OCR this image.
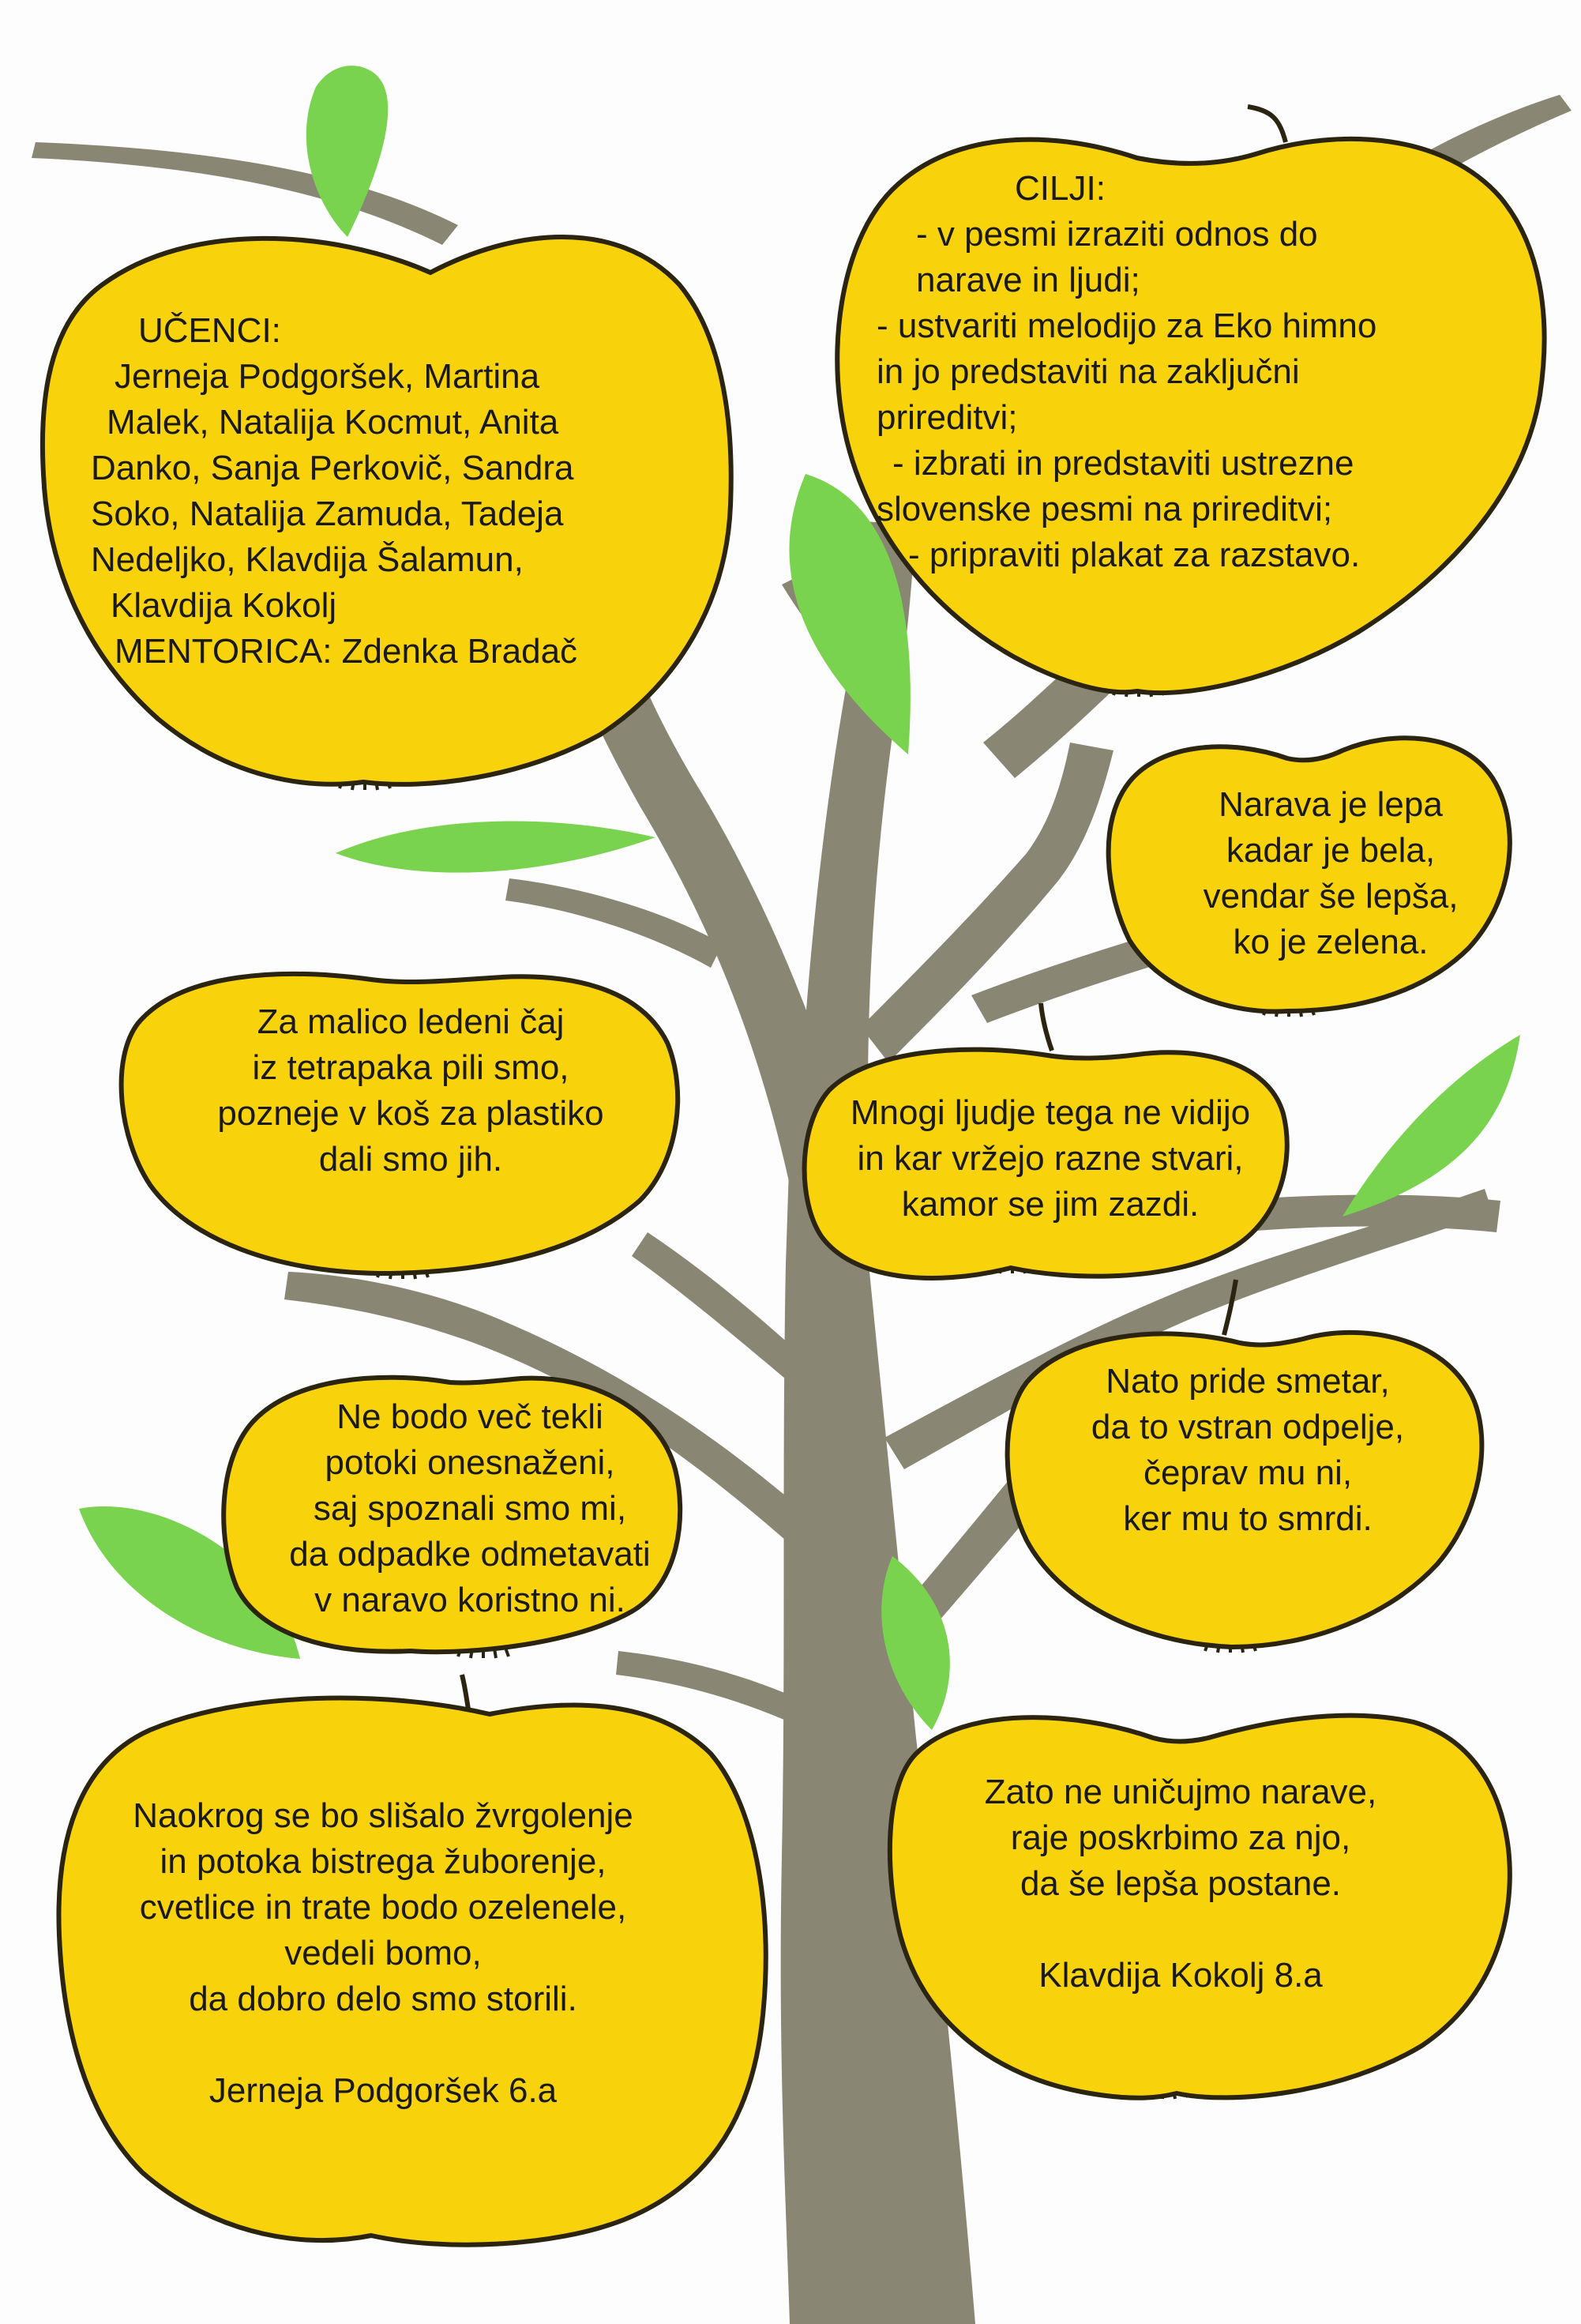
UČENCI:

Jerneja Podgoršek, Martina

Malek, Natalija Kocmut, Anita

Danko, Sanja Perkovič, Sandra

Soko, Natalija Zamuda, Tadeja

Nedeljko, Klavdija Šalamun,

Klavdija Kokolj

MENTORICA: Zdenka Bradač

CILJI:

- v pesmi izraziti odnos do

narave in ljudi;

- ustvariti melodijo za Eko himno

in jo predstaviti na zaključni

prireditvi;

- izbrati in predstaviti ustrezne

slovenske pesmi na prireditvi;

- pripraviti plakat za razstavo.

Narava je lepa

kadar je bela,

vendar še lepša,

ko je zelena.

Za malico ledeni čaj

iz tetrapaka pili smo,

pozneje v koš za plastiko

dali smo jih.

Mnogi ljudje tega ne vidijo

in kar vržejo razne stvari,

kamor se jim zazdi.

Ne bodo več tekli

potoki onesnaženi,

saj spoznali smo mi,

da odpadke odmetavati

v naravo koristno ni.

Nato pride smetar,

da to vstran odpelje,

čeprav mu ni,

ker mu to smrdi.

Naokrog se bo slišalo žvrgolenje

in potoka bistrega žuborenje,

cvetlice in trate bodo ozelenele,

vedeli bomo,

da dobro delo smo storili.

Jerneja Podgoršek 6.a

Zato ne uničujmo narave,

raje poskrbimo za njo,

da še lepša postane.

Klavdija Kokolj 8.a
